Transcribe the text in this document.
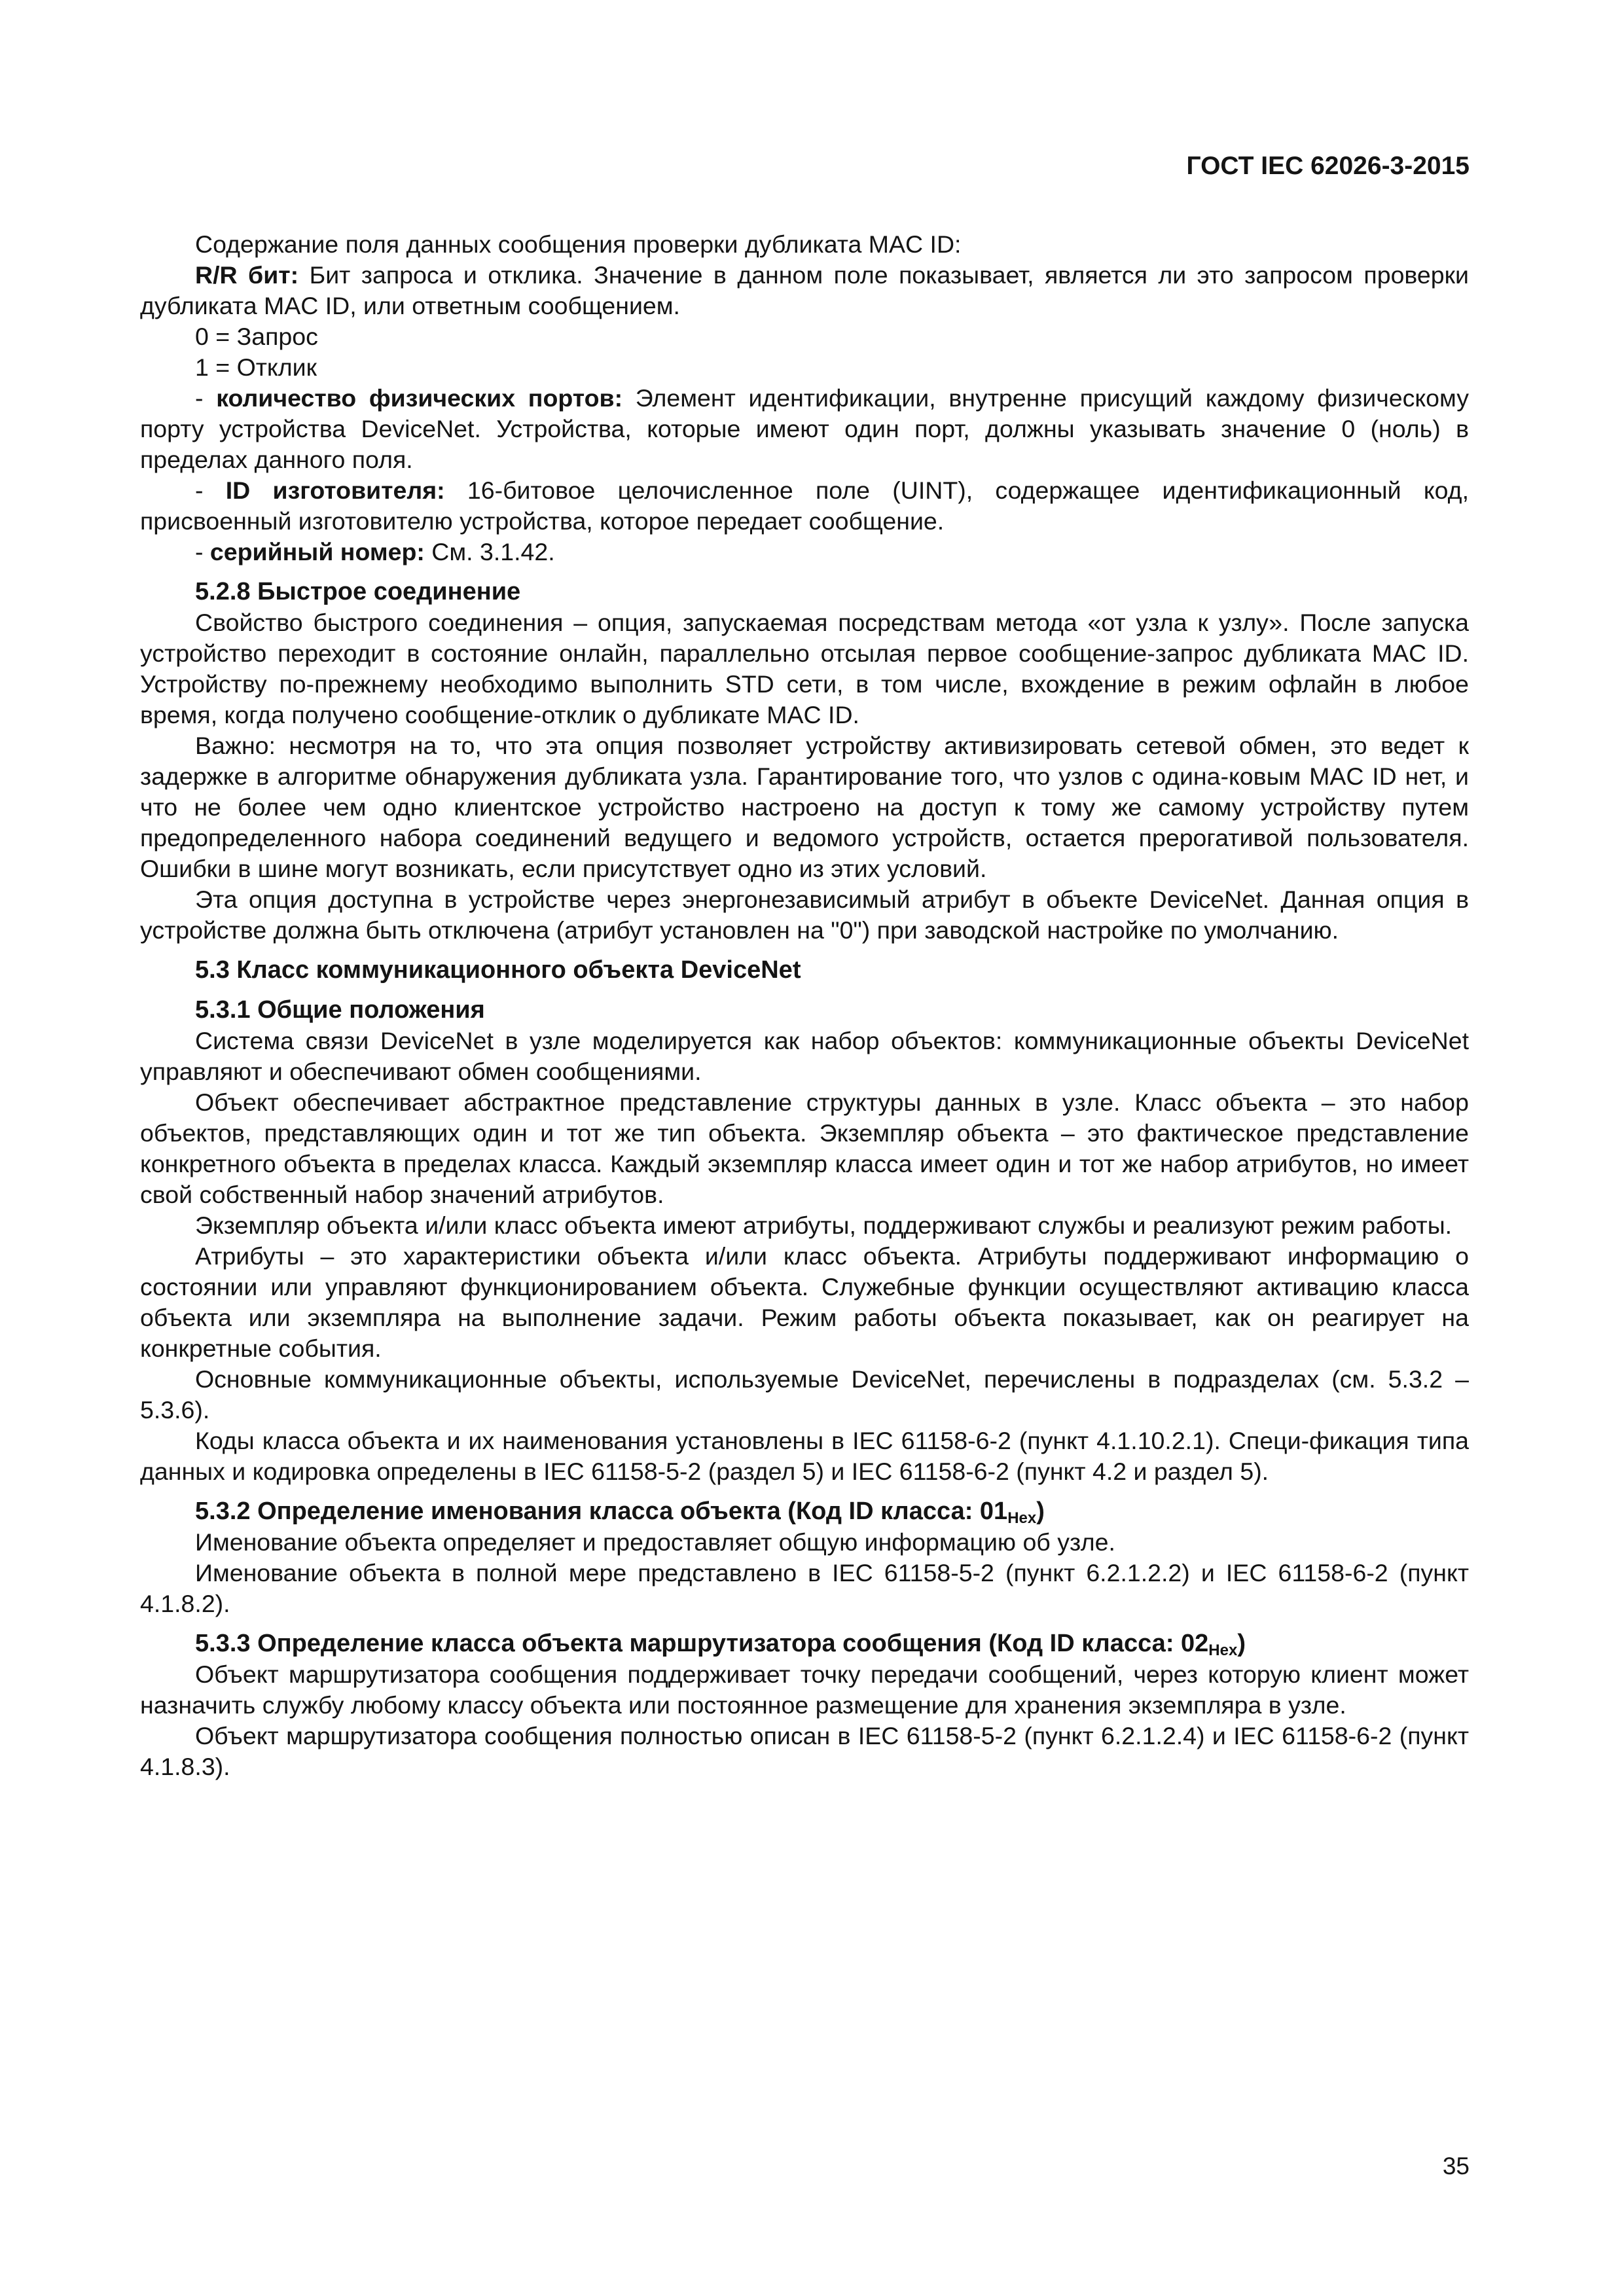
ГОСТ IEC 62026-3-2015

Содержание поля данных сообщения проверки дубликата MAC ID:

R/R бит: Бит запроса и отклика. Значение в данном поле показывает, является ли это запросом проверки дубликата MAC ID, или ответным сообщением.

0 = Запрос

1 = Отклик

- количество физических портов: Элемент идентификации, внутренне присущий каждому физическому порту устройства DeviceNet. Устройства, которые имеют один порт, должны указывать значение 0 (ноль) в пределах данного поля.

- ID изготовителя: 16-битовое целочисленное поле (UINT), содержащее идентификационный код, присвоенный изготовителю устройства, которое передает сообщение.

- серийный номер: См. 3.1.42.

5.2.8 Быстрое соединение

Свойство быстрого соединения – опция, запускаемая посредствам метода «от узла к узлу». После запуска устройство переходит в состояние онлайн, параллельно отсылая первое сообщение-запрос дубликата MAC ID. Устройству по-прежнему необходимо выполнить STD сети, в том числе, вхождение в режим офлайн в любое время, когда получено сообщение-отклик о дубликате MAC ID.

Важно: несмотря на то, что эта опция позволяет устройству активизировать сетевой обмен, это ведет к задержке в алгоритме обнаружения дубликата узла. Гарантирование того, что узлов с одина-ковым MAC ID нет, и что не более чем одно клиентское устройство настроено на доступ к тому же самому устройству путем предопределенного набора соединений ведущего и ведомого устройств, остается прерогативой пользователя. Ошибки в шине могут возникать, если присутствует одно из этих условий.

Эта опция доступна в устройстве через энергонезависимый атрибут в объекте DeviceNet. Данная опция в устройстве должна быть отключена (атрибут установлен на "0") при заводской настройке по умолчанию.

5.3 Класс коммуникационного объекта DeviceNet
5.3.1 Общие положения

Система связи DeviceNet в узле моделируется как набор объектов: коммуникационные объекты DeviceNet управляют и обеспечивают обмен сообщениями.

Объект обеспечивает абстрактное представление структуры данных в узле. Класс объекта – это набор объектов, представляющих один и тот же тип объекта. Экземпляр объекта – это фактическое представление конкретного объекта в пределах класса. Каждый экземпляр класса имеет один и тот же набор атрибутов, но имеет свой собственный набор значений атрибутов.

Экземпляр объекта и/или класс объекта имеют атрибуты, поддерживают службы и реализуют режим работы.

Атрибуты – это характеристики объекта и/или класс объекта. Атрибуты поддерживают информацию о состоянии или управляют функционированием объекта. Служебные функции осуществляют активацию класса объекта или экземпляра на выполнение задачи. Режим работы объекта показывает, как он реагирует на конкретные события.

Основные коммуникационные объекты, используемые DeviceNet, перечислены в подразделах (см. 5.3.2 – 5.3.6).

Коды класса объекта и их наименования установлены в IEC 61158-6-2 (пункт 4.1.10.2.1). Специ-фикация типа данных и кодировка определены в IEC 61158-5-2 (раздел 5) и IEC 61158-6-2 (пункт 4.2 и раздел 5).

5.3.2 Определение именования класса объекта (Код ID класса: $01_{Hex}$)

Именование объекта определяет и предоставляет общую информацию об узле.

Именование объекта в полной мере представлено в IEC 61158-5-2 (пункт 6.2.1.2.2) и IEC 61158-6-2 (пункт 4.1.8.2).

5.3.3 Определение класса объекта маршрутизатора сообщения (Код ID класса: $02_{Hex}$)

Объект маршрутизатора сообщения поддерживает точку передачи сообщений, через которую клиент может назначить службу любому классу объекта или постоянное размещение для хранения экземпляра в узле.

Объект маршрутизатора сообщения полностью описан в IEC 61158-5-2 (пункт 6.2.1.2.4) и IEC 61158-6-2 (пункт 4.1.8.3).

35
